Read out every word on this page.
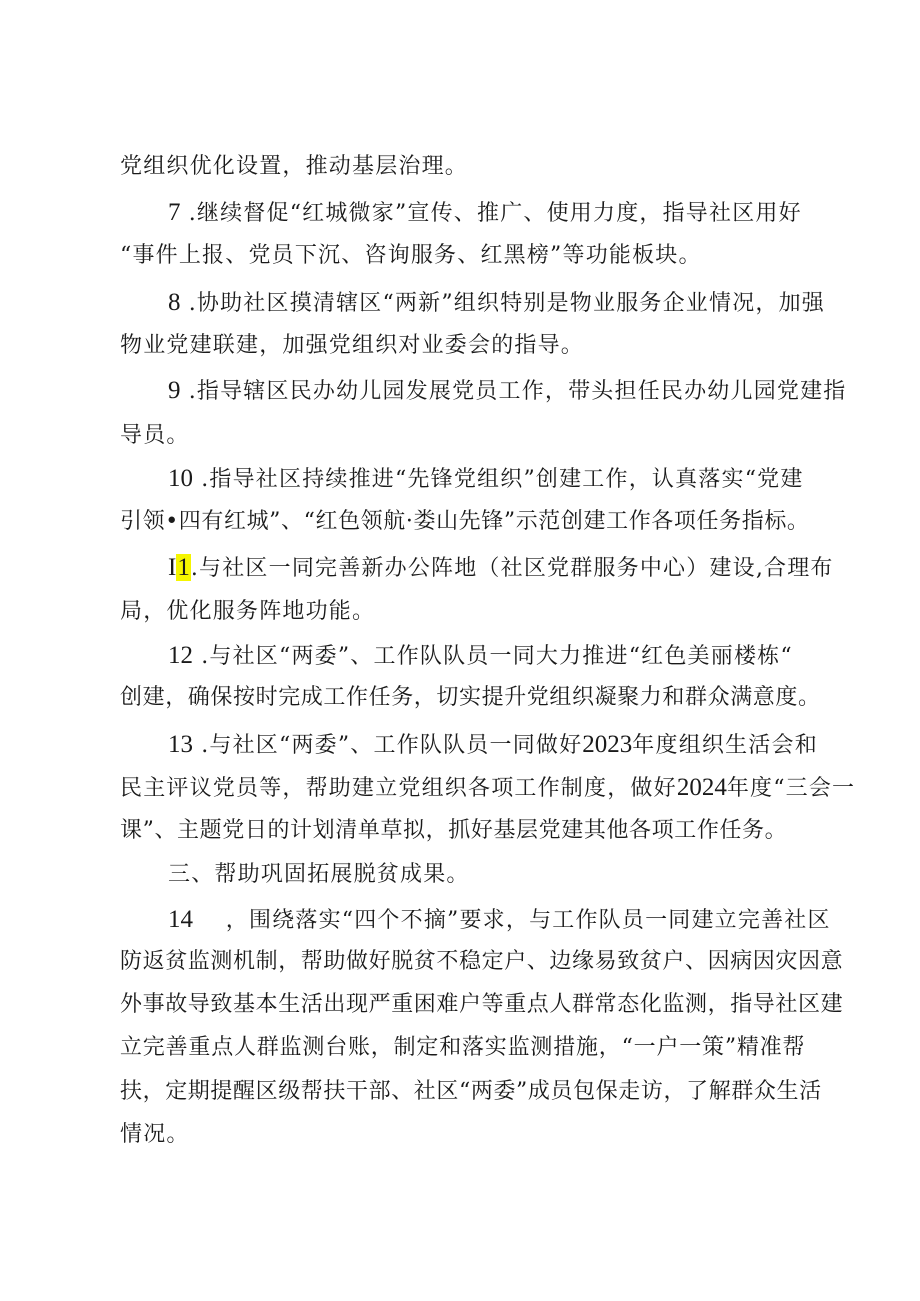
党组织优化设置，推动基层治理。
7 .继续督促“红城微家”宣传、推广、使用力度，指导社区用好
“事件上报、党员下沉、咨询服务、红黑榜”等功能板块。
8 .协助社区摸清辖区“两新”组织特别是物业服务企业情况，加强
物业党建联建，加强党组织对业委会的指导。
9 .指导辖区民办幼儿园发展党员工作，带头担任民办幼儿园党建指
导员。
10 .指导社区持续推进“先锋党组织”创建工作，认真落实“党建
引领•四有红城”、“红色领航·娄山先锋”示范创建工作各项任务指标。
I1.与社区一同完善新办公阵地（社区党群服务中心）建设,合理布
局，优化服务阵地功能。
12 .与社区“两委”、工作队队员一同大力推进“红色美丽楼栋“
创建，确保按时完成工作任务，切实提升党组织凝聚力和群众满意度。
13 .与社区“两委”、工作队队员一同做好2023年度组织生活会和
民主评议党员等，帮助建立党组织各项工作制度，做好2024年度“三会一
课”、主题党日的计划清单草拟，抓好基层党建其他各项工作任务。
三、帮助巩固拓展脱贫成果。
14 ，围绕落实“四个不摘”要求，与工作队员一同建立完善社区
防返贫监测机制，帮助做好脱贫不稳定户、边缘易致贫户、因病因灾因意
外事故导致基本生活出现严重困难户等重点人群常态化监测，指导社区建
立完善重点人群监测台账，制定和落实监测措施，“一户一策”精准帮
扶，定期提醒区级帮扶干部、社区“两委”成员包保走访，了解群众生活
情况。
